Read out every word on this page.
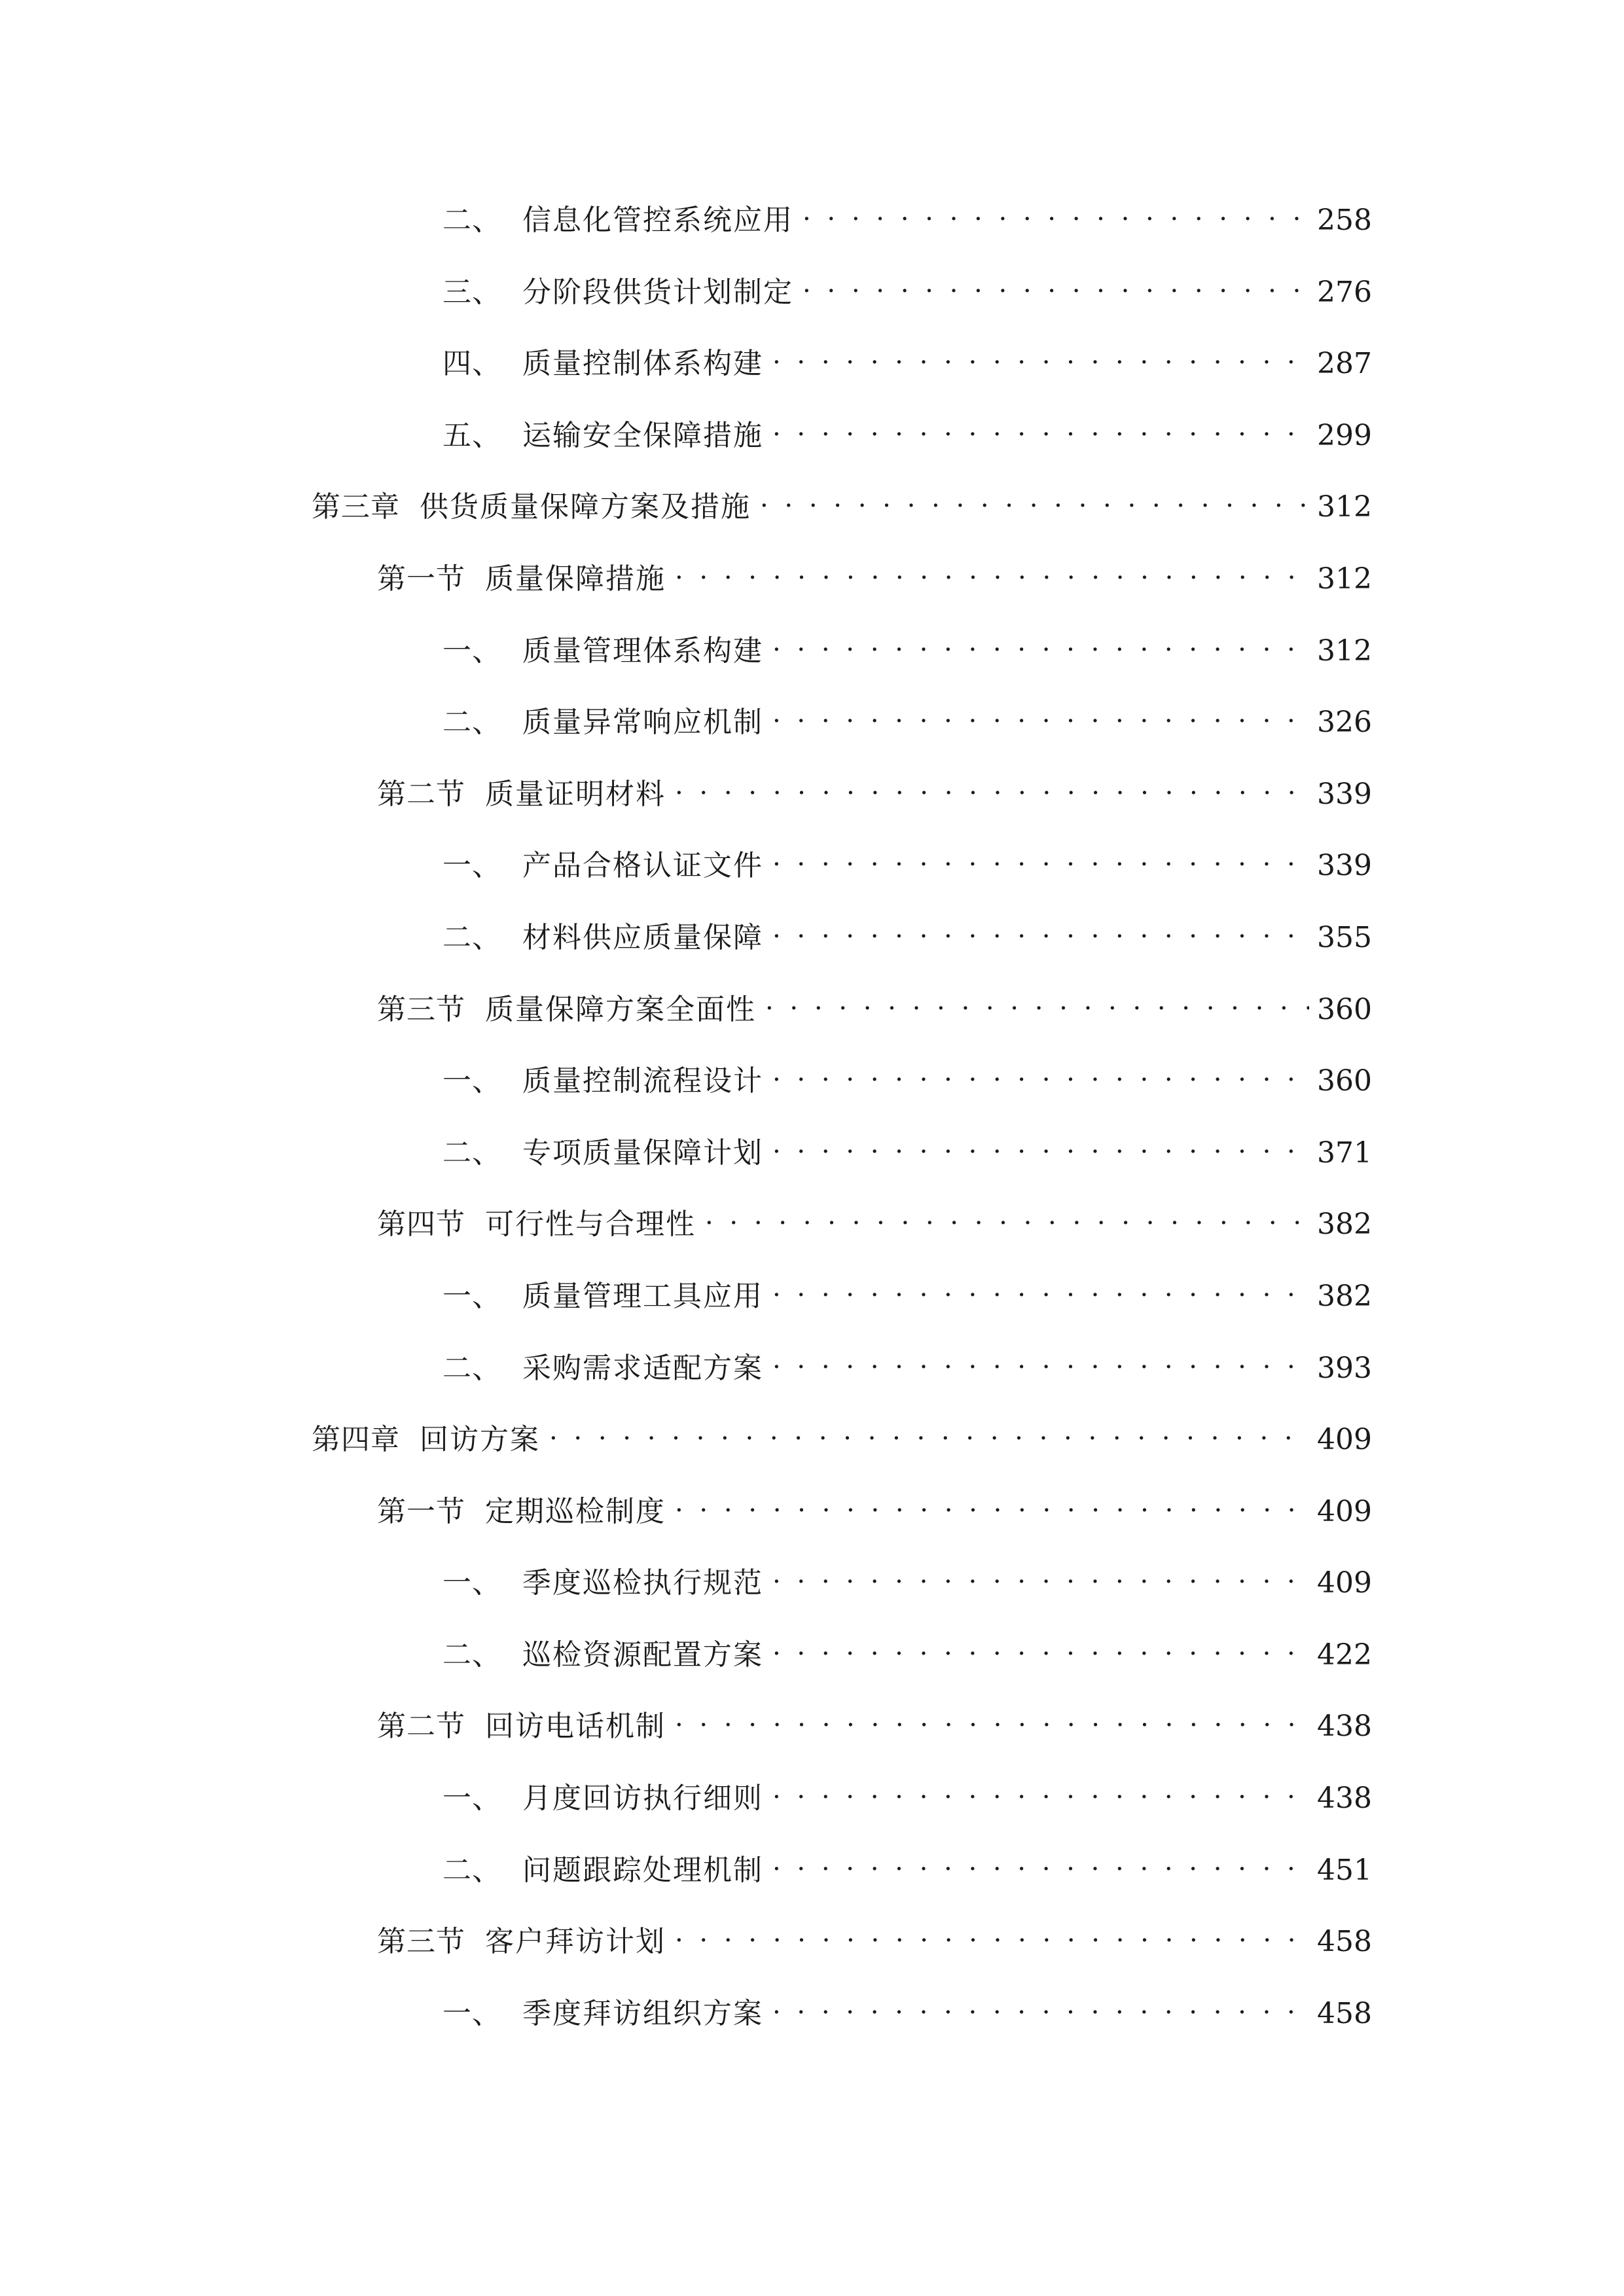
二、 信息化管控系统应用 . . .	258
三、 分阶段供货计划制定 . . .	276
四、 质量控制体系构建 . . .	287
五、 运输安全保障措施 . . .	299
第三章 供货质量保障方案及措施 . . .	312
第一节 质量保障措施 . . .	312
一、 质量管理体系构建 . . .	312
二、 质量异常响应机制 . . .	326
第二节 质量证明材料 . . .	339
一、 产品合格认证文件 . . .	339
二、 材料供应质量保障 . . .	355
第三节 质量保障方案全面性 . . .	360
一、 质量控制流程设计 . . .	360
二、 专项质量保障计划 . . .	371
第四节 可行性与合理性 . . .	382
一、 质量管理工具应用 . . .	382
二、 采购需求适配方案 . . .	393
第四章 回访方案 . . .	409
第一节 定期巡检制度 . . .	409
一、 季度巡检执行规范 . . .	409
二、 巡检资源配置方案 . . .	422
第二节 回访电话机制 . . .	438
一、 月度回访执行细则 . . .	438
二、 问题跟踪处理机制 . . .	451
第三节 客户拜访计划 . . .	458
一、 季度拜访组织方案 . . .	458
